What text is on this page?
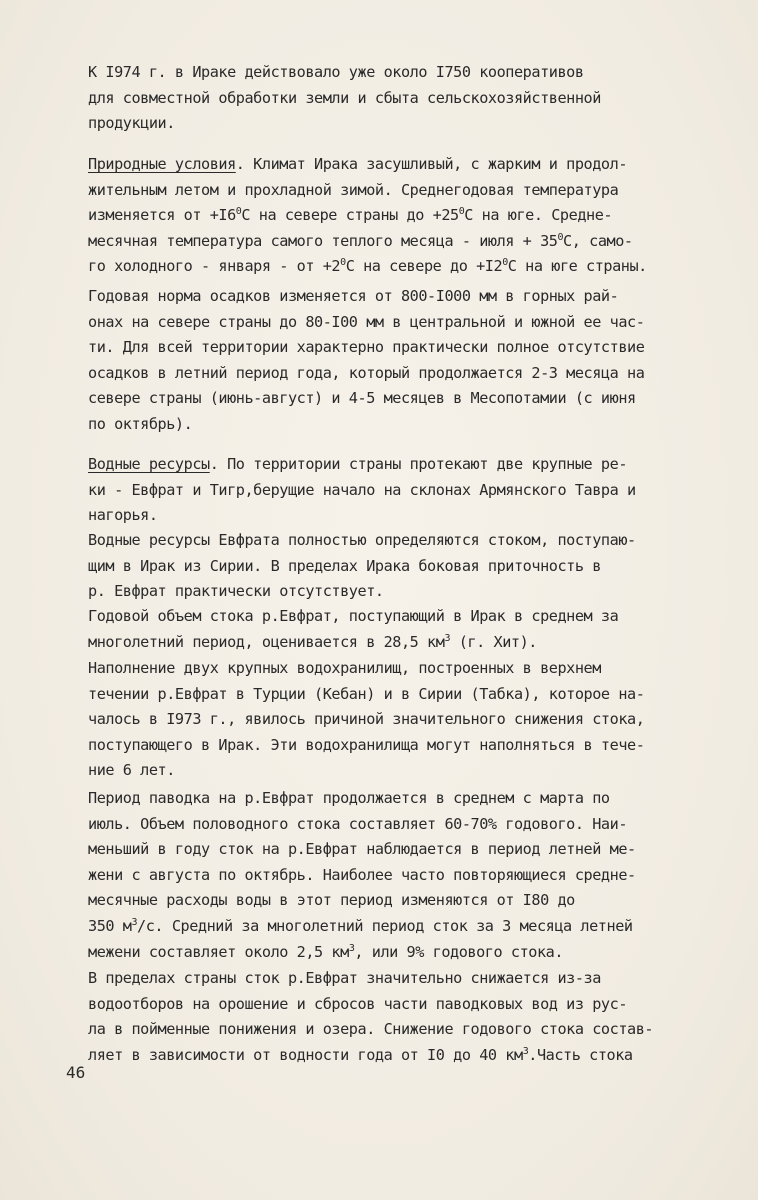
К I974 г. в Ираке действовало уже около I750 кооперативов
для совместной обработки земли и сбыта сельскохозяйственной
продукции.
Природные условия. Климат Ирака засушливый, с жарким и продол-
жительным летом и прохладной зимой. Среднегодовая температура
изменяется от $+I6^0С$ на севере страны до $+25^0С$ на юге. Средне-
месячная температура самого теплого месяца - июля + $35^0С$, само-
го холодного - января - от $+2^0С$ на севере до $+I2^0С$ на юге страны.
Годовая норма осадков изменяется от 800-I000 мм в горных рай-
онах на севере страны до 80-I00 мм в центральной и южной ее час-
ти. Для всей территории характерно практически полное отсутствие
осадков в летний период года, который продолжается 2-3 месяца на
севере страны (июнь-август) и 4-5 месяцев в Месопотамии (с июня
по октябрь).
Водные ресурсы. По территории страны протекают две крупные ре-
ки - Евфрат и Тигр,берущие начало на склонах Армянского Тавра и
нагорья.
Водные ресурсы Евфрата полностью определяются стоком, поступаю-
щим в Ирак из Сирии. В пределах Ирака боковая приточность в
р. Евфрат практически отсутствует.
Годовой объем стока р.Евфрат, поступающий в Ирак в среднем за
многолетний период, оценивается в 28,5 $км^3$ (г. Хит).
Наполнение двух крупных водохранилищ, построенных в верхнем
течении р.Евфрат в Турции (Кебан) и в Сирии (Табка), которое на-
чалось в I973 г., явилось причиной значительного снижения стока,
поступающего в Ирак. Эти водохранилища могут наполняться в тече-
ние 6 лет.
Период паводка на р.Евфрат продолжается в среднем с марта по
июль. Объем половодного стока составляет 60-70% годового. Наи-
меньший в году сток на р.Евфрат наблюдается в период летней ме-
жени с августа по октябрь. Наиболее часто повторяющиеся средне-
месячные расходы воды в этот период изменяются от I80 до
350 $м^3/с$. Средний за многолетний период сток за 3 месяца летней
межени составляет около 2,5 $км^3$, или 9% годового стока.
В пределах страны сток р.Евфрат значительно снижается из-за
водоотборов на орошение и сбросов части паводковых вод из рус-
ла в пойменные понижения и озера. Снижение годового стока состав-
ляет в зависимости от водности года от I0 до 40 $км^3.Часть$ стока
46
